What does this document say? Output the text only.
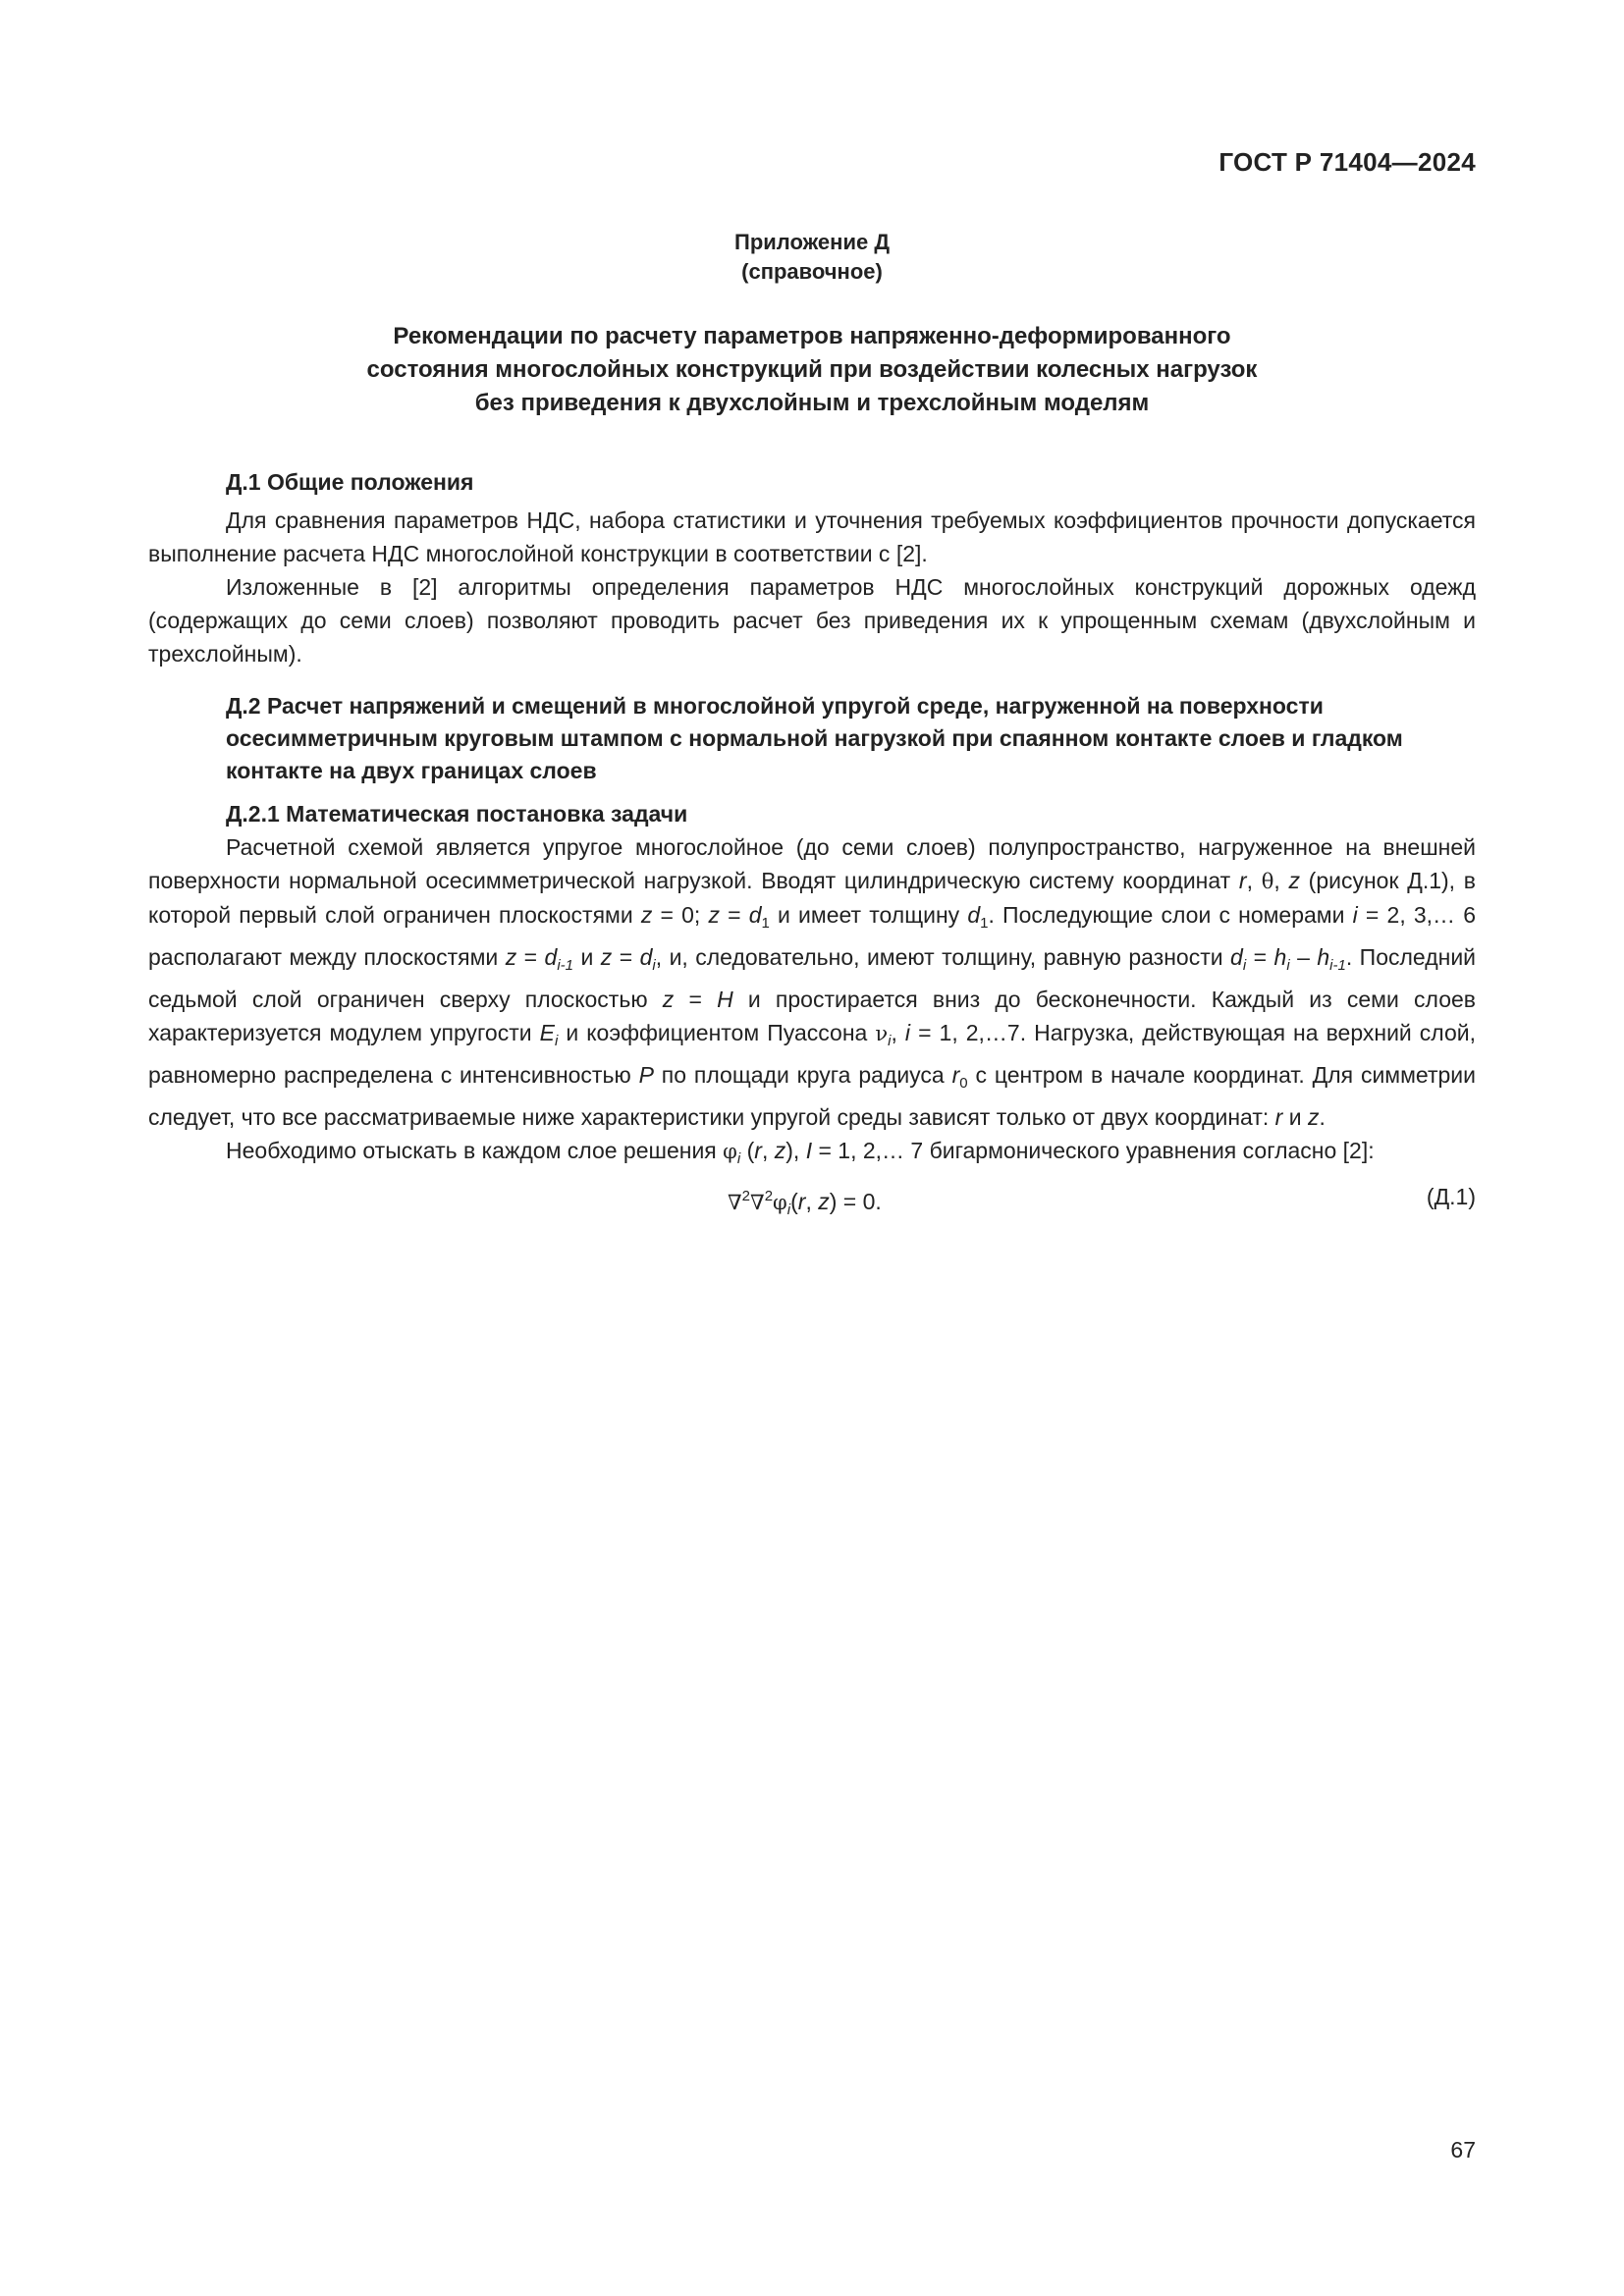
ГОСТ Р 71404—2024
Приложение Д
(справочное)
Рекомендации по расчету параметров напряженно-деформированного
состояния многослойных конструкций при воздействии колесных нагрузок
без приведения к двухслойным и трехслойным моделям
Д.1 Общие положения

Для сравнения параметров НДС, набора статистики и уточнения требуемых коэффициентов прочности допускается выполнение расчета НДС многослойной конструкции в соответствии с [2].

Изложенные в [2] алгоритмы определения параметров НДС многослойных конструкций дорожных одежд (содержащих до семи слоев) позволяют проводить расчет без приведения их к упрощенным схемам (двухслойным и трехслойным).

Д.2 Расчет напряжений и смещений в многослойной упругой среде, нагруженной на поверхности осесимметричным круговым штампом с нормальной нагрузкой при спаянном контакте слоев и гладком контакте на двух границах слоев
Д.2.1 Математическая постановка задачи

Расчетной схемой является упругое многослойное (до семи слоев) полупространство, нагруженное на внешней поверхности нормальной осесимметрической нагрузкой. Вводят цилиндрическую систему координат r, θ, z (рисунок Д.1), в которой первый слой ограничен плоскостями z = 0; $z = d_1$ и имеет толщину $d_1$. Последующие слои с номерами i = 2, 3,… 6 располагают между плоскостями $z = d_{i-1}$ и $z = d_i$, и, следовательно, имеют толщину, равную разности $d_i = h_i - h_{i-1}$. Последний седьмой слой ограничен сверху плоскостью z = H и простирается вниз до бесконечности. Каждый из семи слоев характеризуется модулем упругости $E_i$ и коэффициентом Пуассона $\nu_i$, i = 1, 2,…7. Нагрузка, действующая на верхний слой, равномерно распределена с интенсивностью P по площади круга радиуса $r_0$ с центром в начале координат. Для симметрии следует, что все рассматриваемые ниже характеристики упругой среды зависят только от двух координат: r и z.

Необходимо отыскать в каждом слое решения $\varphi_i$ (r, z), I = 1, 2,… 7 бигармонического уравнения согласно [2]:

$\nabla^2\nabla^2\varphi_i(r$, z) = 0.	(Д.1)
67
